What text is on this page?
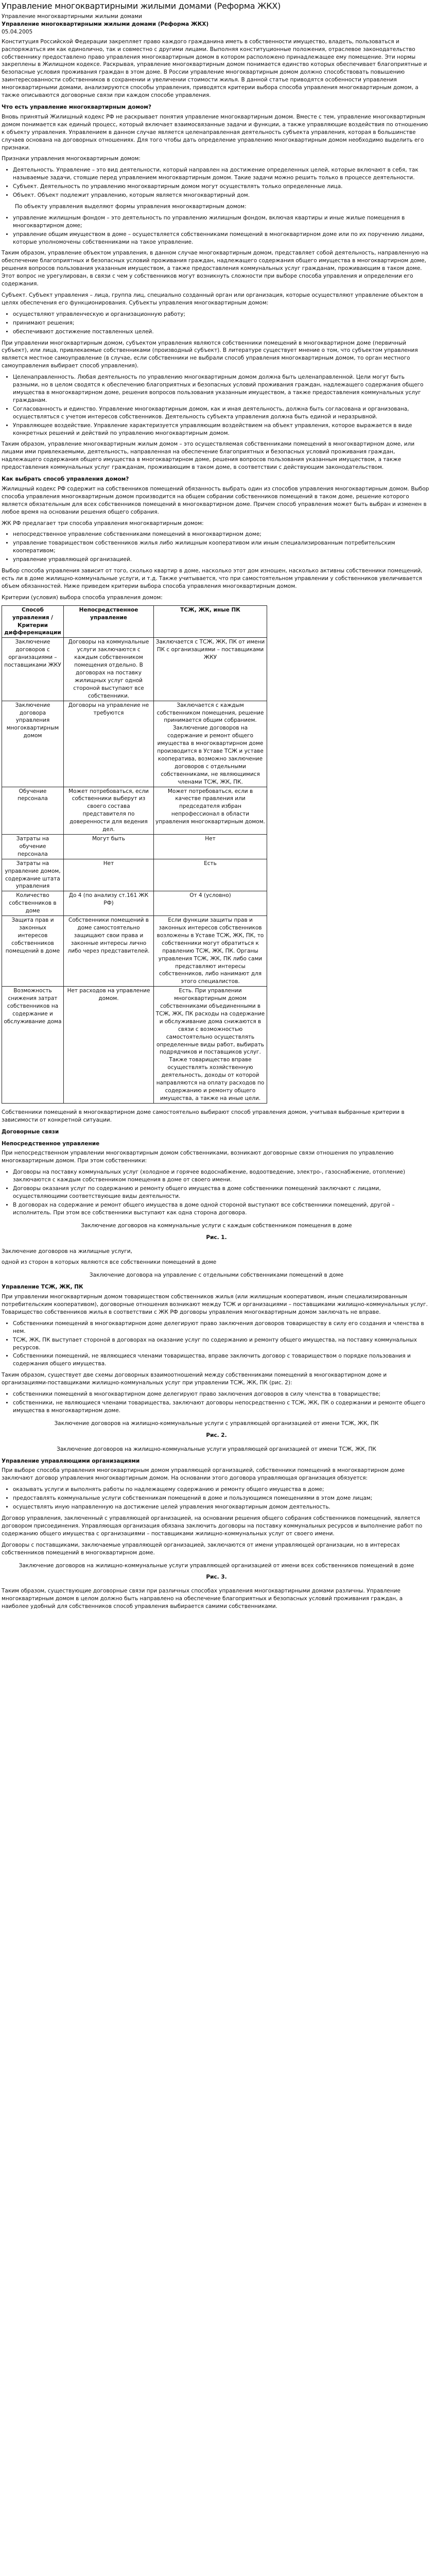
Управление многоквартирными жилыми домами (Реформа ЖКХ)

Управление многоквартирными жилыми домами

Управление многоквартирными жилыми домами (Реформа ЖКХ)

05.04.2005

Конституция Российской Федерации закрепляет право каждого гражданина иметь в собственности имущество, владеть, пользоваться и распоряжаться им как единолично, так и совместно с другими лицами. Выполняя конституционные положения, отраслевое законодательство собственнику предоставлено право управления многоквартирным домом в котором расположено принадлежащее ему помещение. Эти нормы закреплены в Жилищном кодексе. Раскрывая, управление многоквартирным домом понимается единство которых обеспечивает благоприятные и безопасные условия проживания граждан в этом доме. В России управление многоквартирным домом должно способствовать повышению заинтересованности собственников в сохранении и увеличении стоимости жилья. В данной статье приводятся особенности управления многоквартирными домами, анализируются способы управления, приводятся критерии выбора способа управления многоквартирным домом, а также описываются договорные связи при каждом способе управления.

Что есть управление многоквартирным домом?

Вновь принятый Жилищный кодекс РФ не раскрывает понятия управление многоквартирным домом. Вместе с тем, управление многоквартирным домом понимается как единый процесс, который включает взаимосвязанные задачи и функции, а также управляющие воздействия по отношению к объекту управления. Управлением в данном случае является целенаправленная деятельность субъекта управления, которая в большинстве случаев основана на договорных отношениях. Для того чтобы дать определение управлению многоквартирным домом необходимо выделить его признаки.

Признаки управления многоквартирным домом:

• Деятельность. Управление – это вид деятельности, который направлен на достижение определенных целей, которые включают в себя, так называемые задачи, стоящие перед управлением многоквартирным домом. Такие задачи можно решить только в процессе деятельности.
• Субъект. Деятельность по управлению многоквартирным домом могут осуществлять только определенные лица.
• Объект. Объект подлежит управлению, которым является многоквартирный дом.

По объекту управления выделяют формы управления многоквартирным домом:

• управление жилищным фондом – это деятельность по управлению жилищным фондом, включая квартиры и иные жилые помещения в многоквартирном доме;
• управление общим имуществом в доме – осуществляется собственниками помещений в многоквартирном доме или по их поручению лицами, которые уполномочены собственниками на такое управление.

Таким образом, управление объектом управления, в данном случае многоквартирным домом, представляет собой деятельность, направленную на обеспечение благоприятных и безопасных условий проживания граждан, надлежащего содержания общего имущества в многоквартирном доме, решения вопросов пользования указанным имуществом, а также предоставления коммунальных услуг гражданам, проживающим в таком доме. Этот вопрос не урегулирован, в связи с чем у собственников могут возникнуть сложности при выборе способа управления и определении его содержания.

Субъект. Субъект управления – лица, группа лиц, специально созданный орган или организация, которые осуществляют управление объектом в целях обеспечения его функционирования. Субъекты управления многоквартирным домом:

• осуществляют управленческую и организационную работу;
• принимают решения;
• обеспечивают достижение поставленных целей.

При управлении многоквартирным домом, субъектом управления являются собственники помещений в многоквартирном доме (первичный субъект), или лица, привлекаемые собственниками (производный субъект). В литературе существует мнение о том, что субъектом управления является местное самоуправление (в случае, если собственники не выбрали способ управления многоквартирным домом, то орган местного самоуправления выбирает способ управления).

• Целенаправленность. Любая деятельность по управлению многоквартирным домом должна быть целенаправленной. Цели могут быть разными, но в целом сводятся к обеспечению благоприятных и безопасных условий проживания граждан, надлежащего содержания общего имущества в многоквартирном доме, решения вопросов пользования указанным имуществом, а также предоставления коммунальных услуг гражданам.
• Согласованность и единство. Управление многоквартирным домом, как и иная деятельность, должна быть согласована и организована, осуществляться с учетом интересов собственников. Деятельность субъекта управления должна быть единой и неразрывной.
• Управляющее воздействие. Управление характеризуется управляющим воздействием на объект управления, которое выражается в виде конкретных решений и действий по управлению многоквартирным домом.

Таким образом, управление многоквартирным жилым домом – это осуществляемая собственниками помещений в многоквартирном доме, или лицами ими привлекаемыми, деятельность, направленная на обеспечение благоприятных и безопасных условий проживания граждан, надлежащего содержания общего имущества в многоквартирном доме, решения вопросов пользования указанным имуществом, а также предоставления коммунальных услуг гражданам, проживающим в таком доме, в соответствии с действующим законодательством.

Как выбрать способ управления домом?

Жилищный кодекс РФ содержит на собственников помещений обязанность выбрать один из способов управления многоквартирным домом. Выбор способа управления многоквартирным домом производится на общем собрании собственников помещений в таком доме, решение которого является обязательным для всех собственников помещений в многоквартирном доме. Причем способ управления может быть выбран и изменен в любое время на основании решения общего собрания.

ЖК РФ предлагает три способа управления многоквартирным домом:

• непосредственное управление собственниками помещений в многоквартирном доме;
• управление товариществом собственников жилья либо жилищным кооперативом или иным специализированным потребительским кооперативом;
• управление управляющей организацией.

Выбор способа управления зависит от того, сколько квартир в доме, насколько этот дом изношен, насколько активны собственники помещений, есть ли в доме жилищно-коммунальные услуги, и т.д. Также учитывается, что при самостоятельном управлении у собственников увеличивается объем обязанностей. Ниже приведем критерии выбора способа управления многоквартирным домом.

Критерии (условия) выбора способа управления домом:

Способ управления / Критерии дифференциации	Непосредственное управление	ТСЖ, ЖК, иные ПК
Заключение договоров с организациями – поставщиками ЖКУ	Договоры на коммунальные услуги заключаются с каждым собственником помещения отдельно. В договорах на поставку жилищных услуг одной стороной выступают все собственники.	Заключается с ТСЖ, ЖК, ПК от имени ПК с организациями – поставщиками ЖКУ
Заключение договора управления многоквартирным домом	Договоры на управление не требуются	Заключается с каждым собственником помещения, решение принимается общим собранием. Заключение договоров на содержание и ремонт общего имущества в многоквартирном доме производится в Уставе ТСЖ и уставе кооператива, возможно заключение договоров с отдельными собственниками, не являющимися членами ТСЖ, ЖК, ПК.
Обучение персонала	Может потребоваться, если собственники выберут из своего состава представителя по доверенности для ведения дел.	Может потребоваться, если в качестве правления или председателя избран непрофессионал в области управления многоквартирным домом.
Затраты на обучение персонала	Могут быть	Нет
Затраты на управление домом, содержание штата управления	Нет	Есть
Количество собственников в доме	До 4 (по анализу ст.161 ЖК РФ)	От 4 (условно)
Защита прав и законных интересов собственников помещений в доме	Собственники помещений в доме самостоятельно защищают свои права и законные интересы лично либо через представителей.	Если функции защиты прав и законных интересов собственников возложены в Уставе ТСЖ, ЖК, ПК, то собственники могут обратиться к правлению ТСЖ, ЖК, ПК. Органы управления ТСЖ, ЖК, ПК либо сами представляют интересы собственников, либо нанимают для этого специалистов.
Возможность снижения затрат собственников на содержание и обслуживание дома	Нет расходов на управление домом.	Есть. При управлении многоквартирным домом собственниками объединенными в ТСЖ, ЖК, ПК расходы на содержание и обслуживание дома снижаются в связи с возможностью самостоятельно осуществлять определенные виды работ, выбирать подрядчиков и поставщиков услуг. Также товарищество вправе осуществлять хозяйственную деятельность, доходы от которой направляются на оплату расходов по содержанию и ремонту общего имущества, а также на иные цели.

Собственники помещений в многоквартирном доме самостоятельно выбирают способ управления домом, учитывая выбранные критерии в зависимости от конкретной ситуации.

Договорные связи

Непосредственное управление

При непосредственном управлении многоквартирным домом собственниками, возникают договорные связи отношения по управлению многоквартирным домом. При этом собственники:

• Договоры на поставку коммунальных услуг (холодное и горячее водоснабжение, водоотведение, электро-, газоснабжение, отопление) заключаются с каждым собственником помещения в доме от своего имени.
• Договоры оказания услуг по содержанию и ремонту общего имущества в доме собственники помещений заключают с лицами, осуществляющими соответствующие виды деятельности.
• В договорах на содержание и ремонт общего имущества в доме одной стороной выступают все собственники помещений, другой – исполнитель. При этом все собственники выступают как одна сторона договора.
Заключение договоров на коммунальные услуги с каждым собственником помещения в доме
Рис. 1.

Заключение договоров на жилищные услуги,

одной из сторон в которых являются все собственники помещений в доме

Заключение договора на управление с отдельными собственниками помещений в доме

Управление ТСЖ, ЖК, ПК

При управлении многоквартирным домом товариществом собственников жилья (или жилищным кооперативом, иным специализированным потребительским кооперативом), договорные отношения возникают между ТСЖ и организациями – поставщиками жилищно-коммунальных услуг. Товарищество собственников жилья в соответствии с ЖК РФ договоры управления многоквартирным домом заключать не вправе.

• Собственники помещений в многоквартирном доме делегируют право заключения договоров товариществу в силу его создания и членства в нем.
• ТСЖ, ЖК, ПК выступает стороной в договорах на оказание услуг по содержанию и ремонту общего имущества, на поставку коммунальных ресурсов.
• Собственники помещений, не являющиеся членами товарищества, вправе заключить договор с товариществом о порядке пользования и содержания общего имущества.

Таким образом, существует две схемы договорных взаимоотношений между собственниками помещений в многоквартирном доме и организациями-поставщиками жилищно-коммунальных услуг при управлении ТСЖ, ЖК, ПК (рис. 2):

• собственники помещений в многоквартирном доме делегируют право заключения договоров в силу членства в товариществе;
• собственники, не являющиеся членами товарищества, заключают договоры непосредственно с ТСЖ, ЖК, ПК о содержании и ремонте общего имущества в многоквартирном доме.
Заключение договоров на жилищно-коммунальные услуги с управляющей организацией от имени ТСЖ, ЖК, ПК
Рис. 2.
Заключение договоров на жилищно-коммунальные услуги управляющей организацией от имени ТСЖ, ЖК, ПК

Управление управляющими организациями

При выборе способа управления многоквартирным домом управляющей организацией, собственники помещений в многоквартирном доме заключают договор управления многоквартирным домом. На основании этого договора управляющая организация обязуется:

• оказывать услуги и выполнять работы по надлежащему содержанию и ремонту общего имущества в доме;
• предоставлять коммунальные услуги собственникам помещений в доме и пользующимся помещениями в этом доме лицам;
• осуществлять иную направленную на достижение целей управления многоквартирным домом деятельность.

Договор управления, заключенный с управляющей организацией, на основании решения общего собрания собственников помещений, является договором присоединения. Управляющая организация обязана заключить договоры на поставку коммунальных ресурсов и выполнение работ по содержанию общего имущества с организациями – поставщиками жилищно-коммунальных услуг от своего имени.

Договоры с поставщиками, заключаемые управляющей организацией, заключаются от имени управляющей организации, но в интересах собственников помещений в многоквартирном доме.

Заключение договоров на жилищно-коммунальные услуги управляющей организацией от имени всех собственников помещений в доме
Рис. 3.

Таким образом, существующие договорные связи при различных способах управления многоквартирными домами различны. Управление многоквартирным домом в целом должно быть направлено на обеспечение благоприятных и безопасных условий проживания граждан, а наиболее удобный для собственников способ управления выбирается самими собственниками.
